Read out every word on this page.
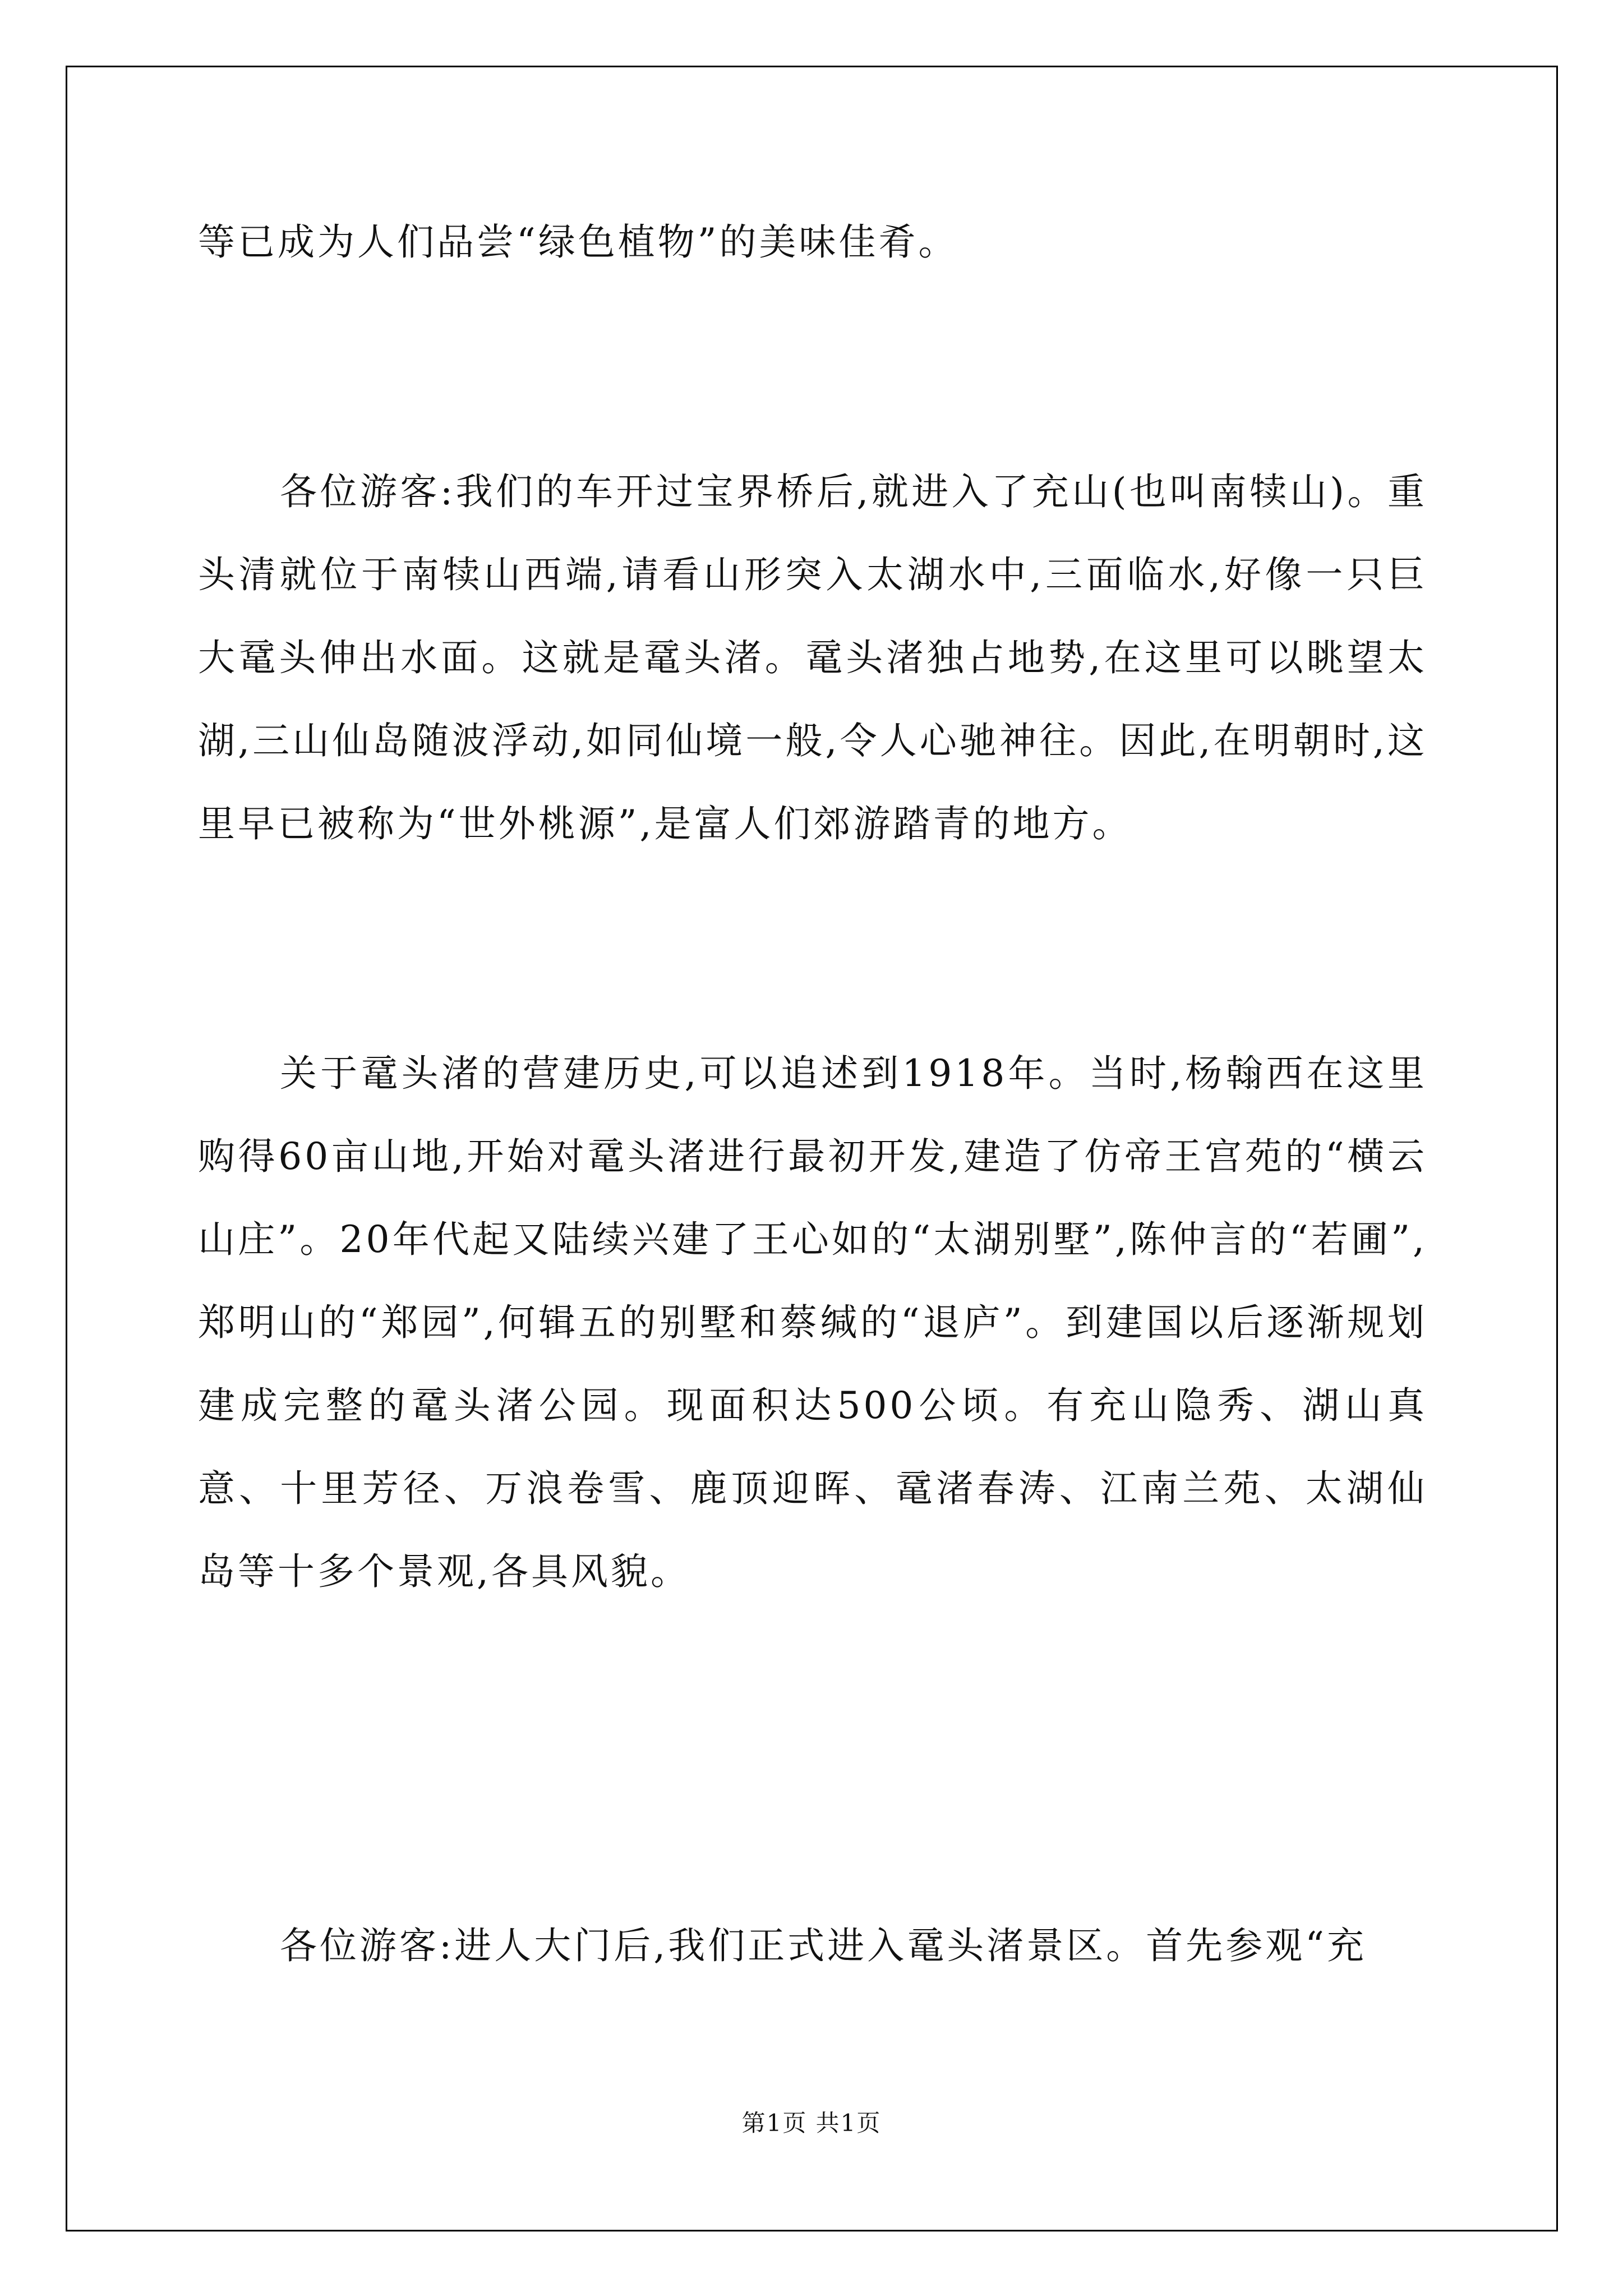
等已成为人们品尝“绿色植物”的美味佳肴。

各位游客:我们的车开过宝界桥后,就进入了充山(也叫南犊山)。重头清就位于南犊山西端,请看山形突入太湖水中,三面临水,好像一只巨大鼋头伸出水面。这就是鼋头渚。鼋头渚独占地势,在这里可以眺望太湖,三山仙岛随波浮动,如同仙境一般,令人心驰神往。因此,在明朝时,这里早已被称为“世外桃源”,是富人们郊游踏青的地方。

关于鼋头渚的营建历史,可以追述到1918年。当时,杨翰西在这里购得60亩山地,开始对鼋头渚进行最初开发,建造了仿帝王宫苑的“横云山庄”。20年代起又陆续兴建了王心如的“太湖别墅”,陈仲言的“若圃”,郑明山的“郑园”,何辑五的别墅和蔡缄的“退庐”。到建国以后逐渐规划建成完整的鼋头渚公园。现面积达500公顷。有充山隐秀、湖山真意、十里芳径、万浪卷雪、鹿顶迎晖、鼋渚春涛、江南兰苑、太湖仙岛等十多个景观,各具风貌。

各位游客:进人大门后,我们正式进入鼋头渚景区。首先参观“充

第1页 共1页
